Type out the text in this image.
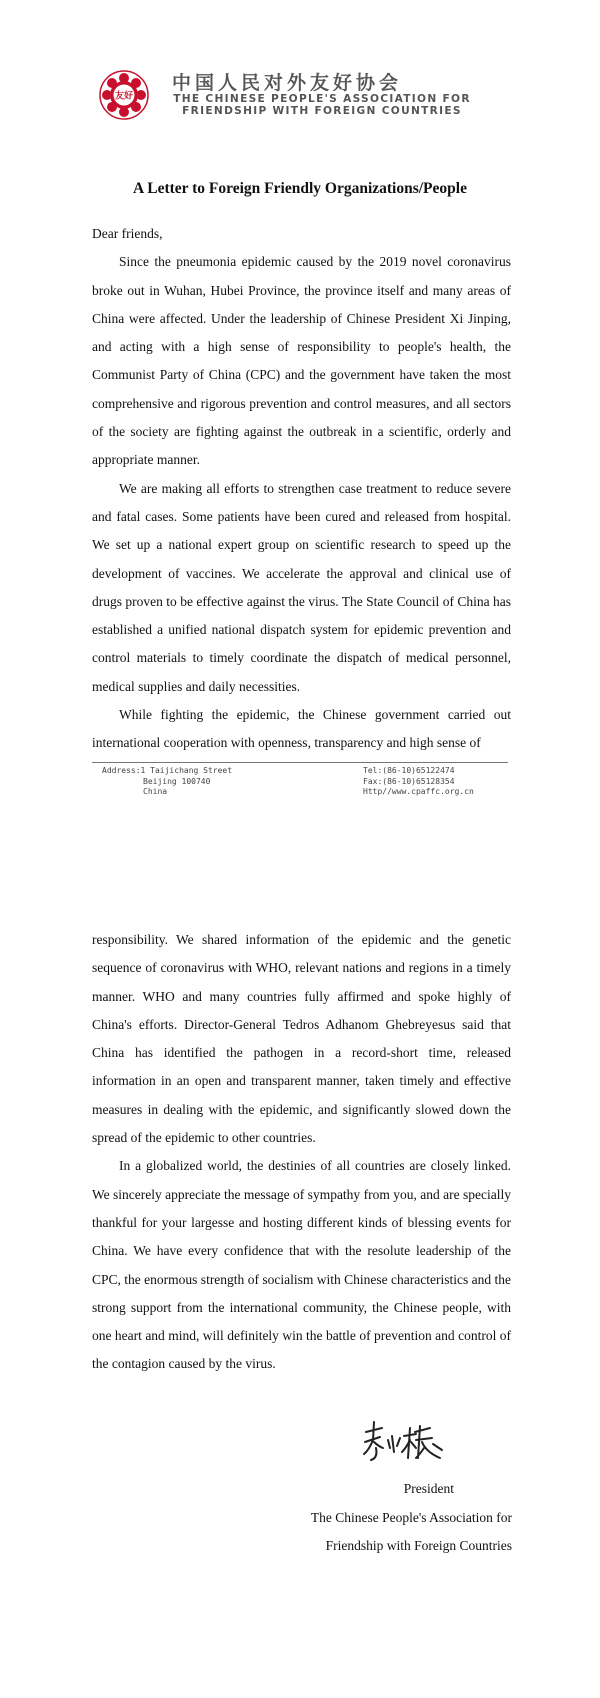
友好
中国人民对外友好协会
THE CHINESE PEOPLE'S ASSOCIATION FOR
FRIENDSHIP WITH FOREIGN COUNTRIES
A Letter to Foreign Friendly Organizations/People

Dear friends,

Since the pneumonia epidemic caused by the 2019 novel coronavirus broke out in Wuhan, Hubei Province, the province itself and many areas of China were affected. Under the leadership of Chinese President Xi Jinping, and acting with a high sense of responsibility to people's health, the Communist Party of China (CPC) and the government have taken the most comprehensive and rigorous prevention and control measures, and all sectors of the society are fighting against the outbreak in a scientific, orderly and appropriate manner.

We are making all efforts to strengthen case treatment to reduce severe and fatal cases. Some patients have been cured and released from hospital. We set up a national expert group on scientific research to speed up the development of vaccines. We accelerate the approval and clinical use of drugs proven to be effective against the virus. The State Council of China has established a unified national dispatch system for epidemic prevention and control materials to timely coordinate the dispatch of medical personnel, medical supplies and daily necessities.

While fighting the epidemic, the Chinese government carried out international cooperation with openness, transparency and high sense of

Address:1 Taijichang Street
Beijing 100740
China
Tel:(86-10)65122474
Fax:(86-10)65128354
Http//www.cpaffc.org.cn

responsibility. We shared information of the epidemic and the genetic sequence of coronavirus with WHO, relevant nations and regions in a timely manner. WHO and many countries fully affirmed and spoke highly of China's efforts. Director-General Tedros Adhanom Ghebreyesus said that China has identified the pathogen in a record-short time, released information in an open and transparent manner, taken timely and effective measures in dealing with the epidemic, and significantly slowed down the spread of the epidemic to other countries.

In a globalized world, the destinies of all countries are closely linked. We sincerely appreciate the message of sympathy from you, and are specially thankful for your largesse and hosting different kinds of blessing events for China. We have every confidence that with the resolute leadership of the CPC, the enormous strength of socialism with Chinese characteristics and the strong support from the international community, the Chinese people, with one heart and mind, will definitely win the battle of prevention and control of the contagion caused by the virus.

President
The Chinese People's Association for
Friendship with Foreign Countries
